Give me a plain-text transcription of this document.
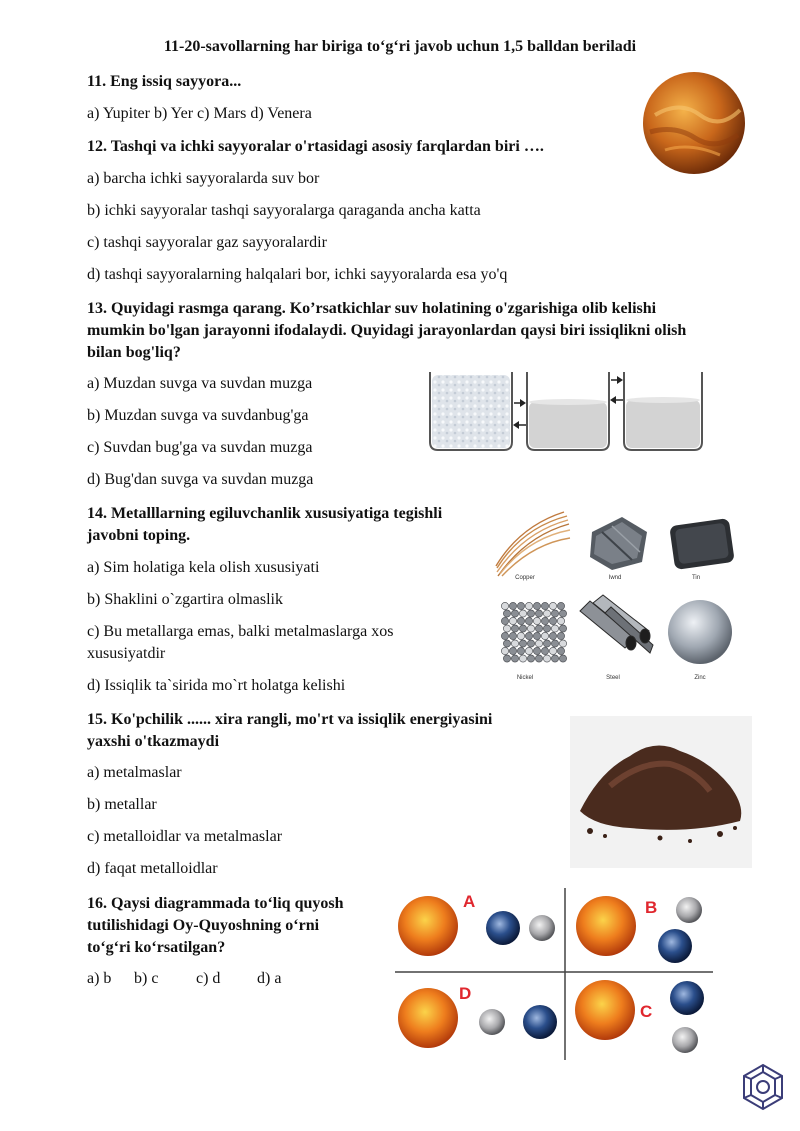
11-20-savollarning har biriga to‘g‘ri javob uchun 1,5 balldan beriladi
11. Eng issiq sayyora...
a) Yupiter b) Yer c) Mars d) Venera
12. Tashqi va ichki sayyoralar o'rtasidagi asosiy farqlardan biri ….
a) barcha ichki sayyoralarda suv bor
b) ichki sayyoralar tashqi sayyoralarga qaraganda ancha katta
c) tashqi sayyoralar gaz sayyoralardir
d) tashqi sayyoralarning halqalari bor, ichki sayyoralarda esa yo'q
13. Quyidagi rasmga qarang. Ko’rsatkichlar suv holatining o'zgarishiga olib kelishi
mumkin bo'lgan jarayonni ifodalaydi. Quyidagi jarayonlardan qaysi biri issiqlikni olish
bilan bog'liq?
a) Muzdan suvga va suvdan muzga
b) Muzdan suvga va suvdanbug'ga
c) Suvdan bug'ga va suvdan muzga
d) Bug'dan suvga va suvdan muzga
14. Metalllarning egiluvchanlik xususiyatiga tegishli
javobni toping.
a) Sim holatiga kela olish xususiyati
b) Shaklini o`zgartira olmaslik
c) Bu metallarga emas, balki metalmaslarga xos
xususiyatdir
d) Issiqlik ta`sirida mo`rt holatga kelishi
Copper	Iwnd	Tin
Nickel	Steel	Zinc
15. Ko'pchilik ...... xira rangli, mo'rt va issiqlik energiyasini
yaxshi o'tkazmaydi
a) metalmaslar
b) metallar
c) metalloidlar va metalmaslar
d) faqat metalloidlar
16. Qaysi diagrammada to‘liq quyosh
tutilishidagi Oy-Quyoshning o‘rni
to‘g‘ri ko‘rsatilgan?
a) b b) c c) d d) a
A	B
D
C
